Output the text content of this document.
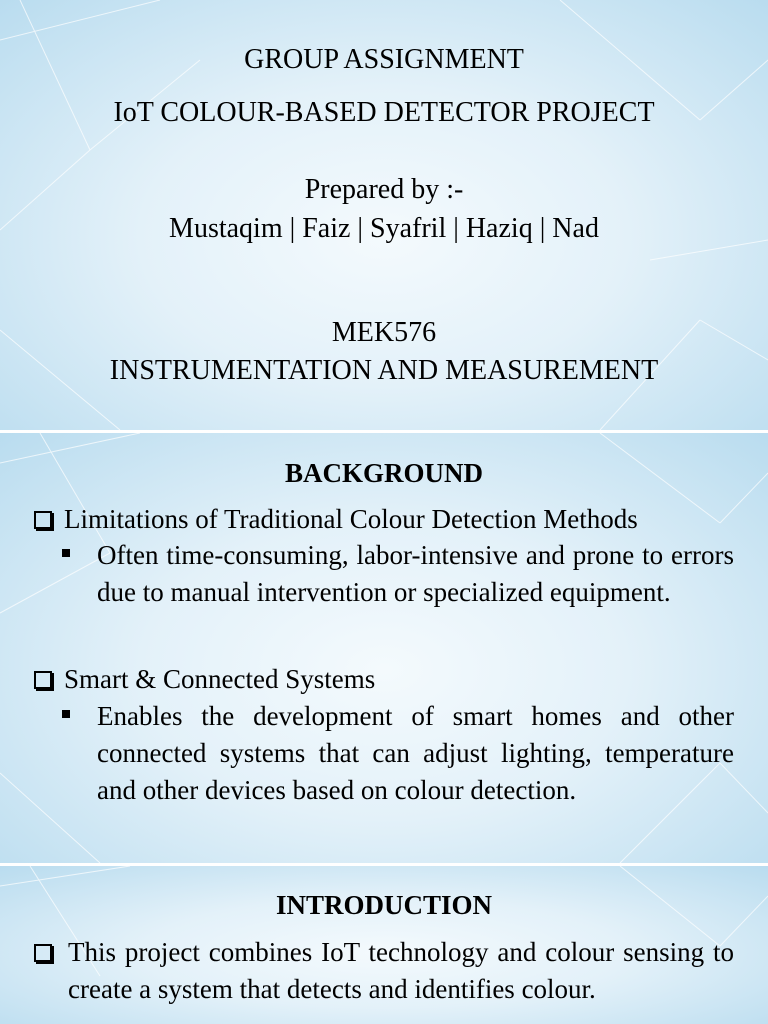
GROUP ASSIGNMENT
IoT COLOUR-BASED DETECTOR PROJECT
Prepared by :-
Mustaqim | Faiz | Syafril | Haziq | Nad
MEK576
INSTRUMENTATION AND MEASUREMENT
BACKGROUND
Limitations of Traditional Colour Detection Methods
Often time-consuming, labor-intensive and prone to errors due to manual intervention or specialized equipment.
Smart & Connected Systems
Enables the development of smart homes and other connected systems that can adjust lighting, temperature and other devices based on colour detection.
INTRODUCTION
This project combines IoT technology and colour sensing to create a system that detects and identifies colour.
